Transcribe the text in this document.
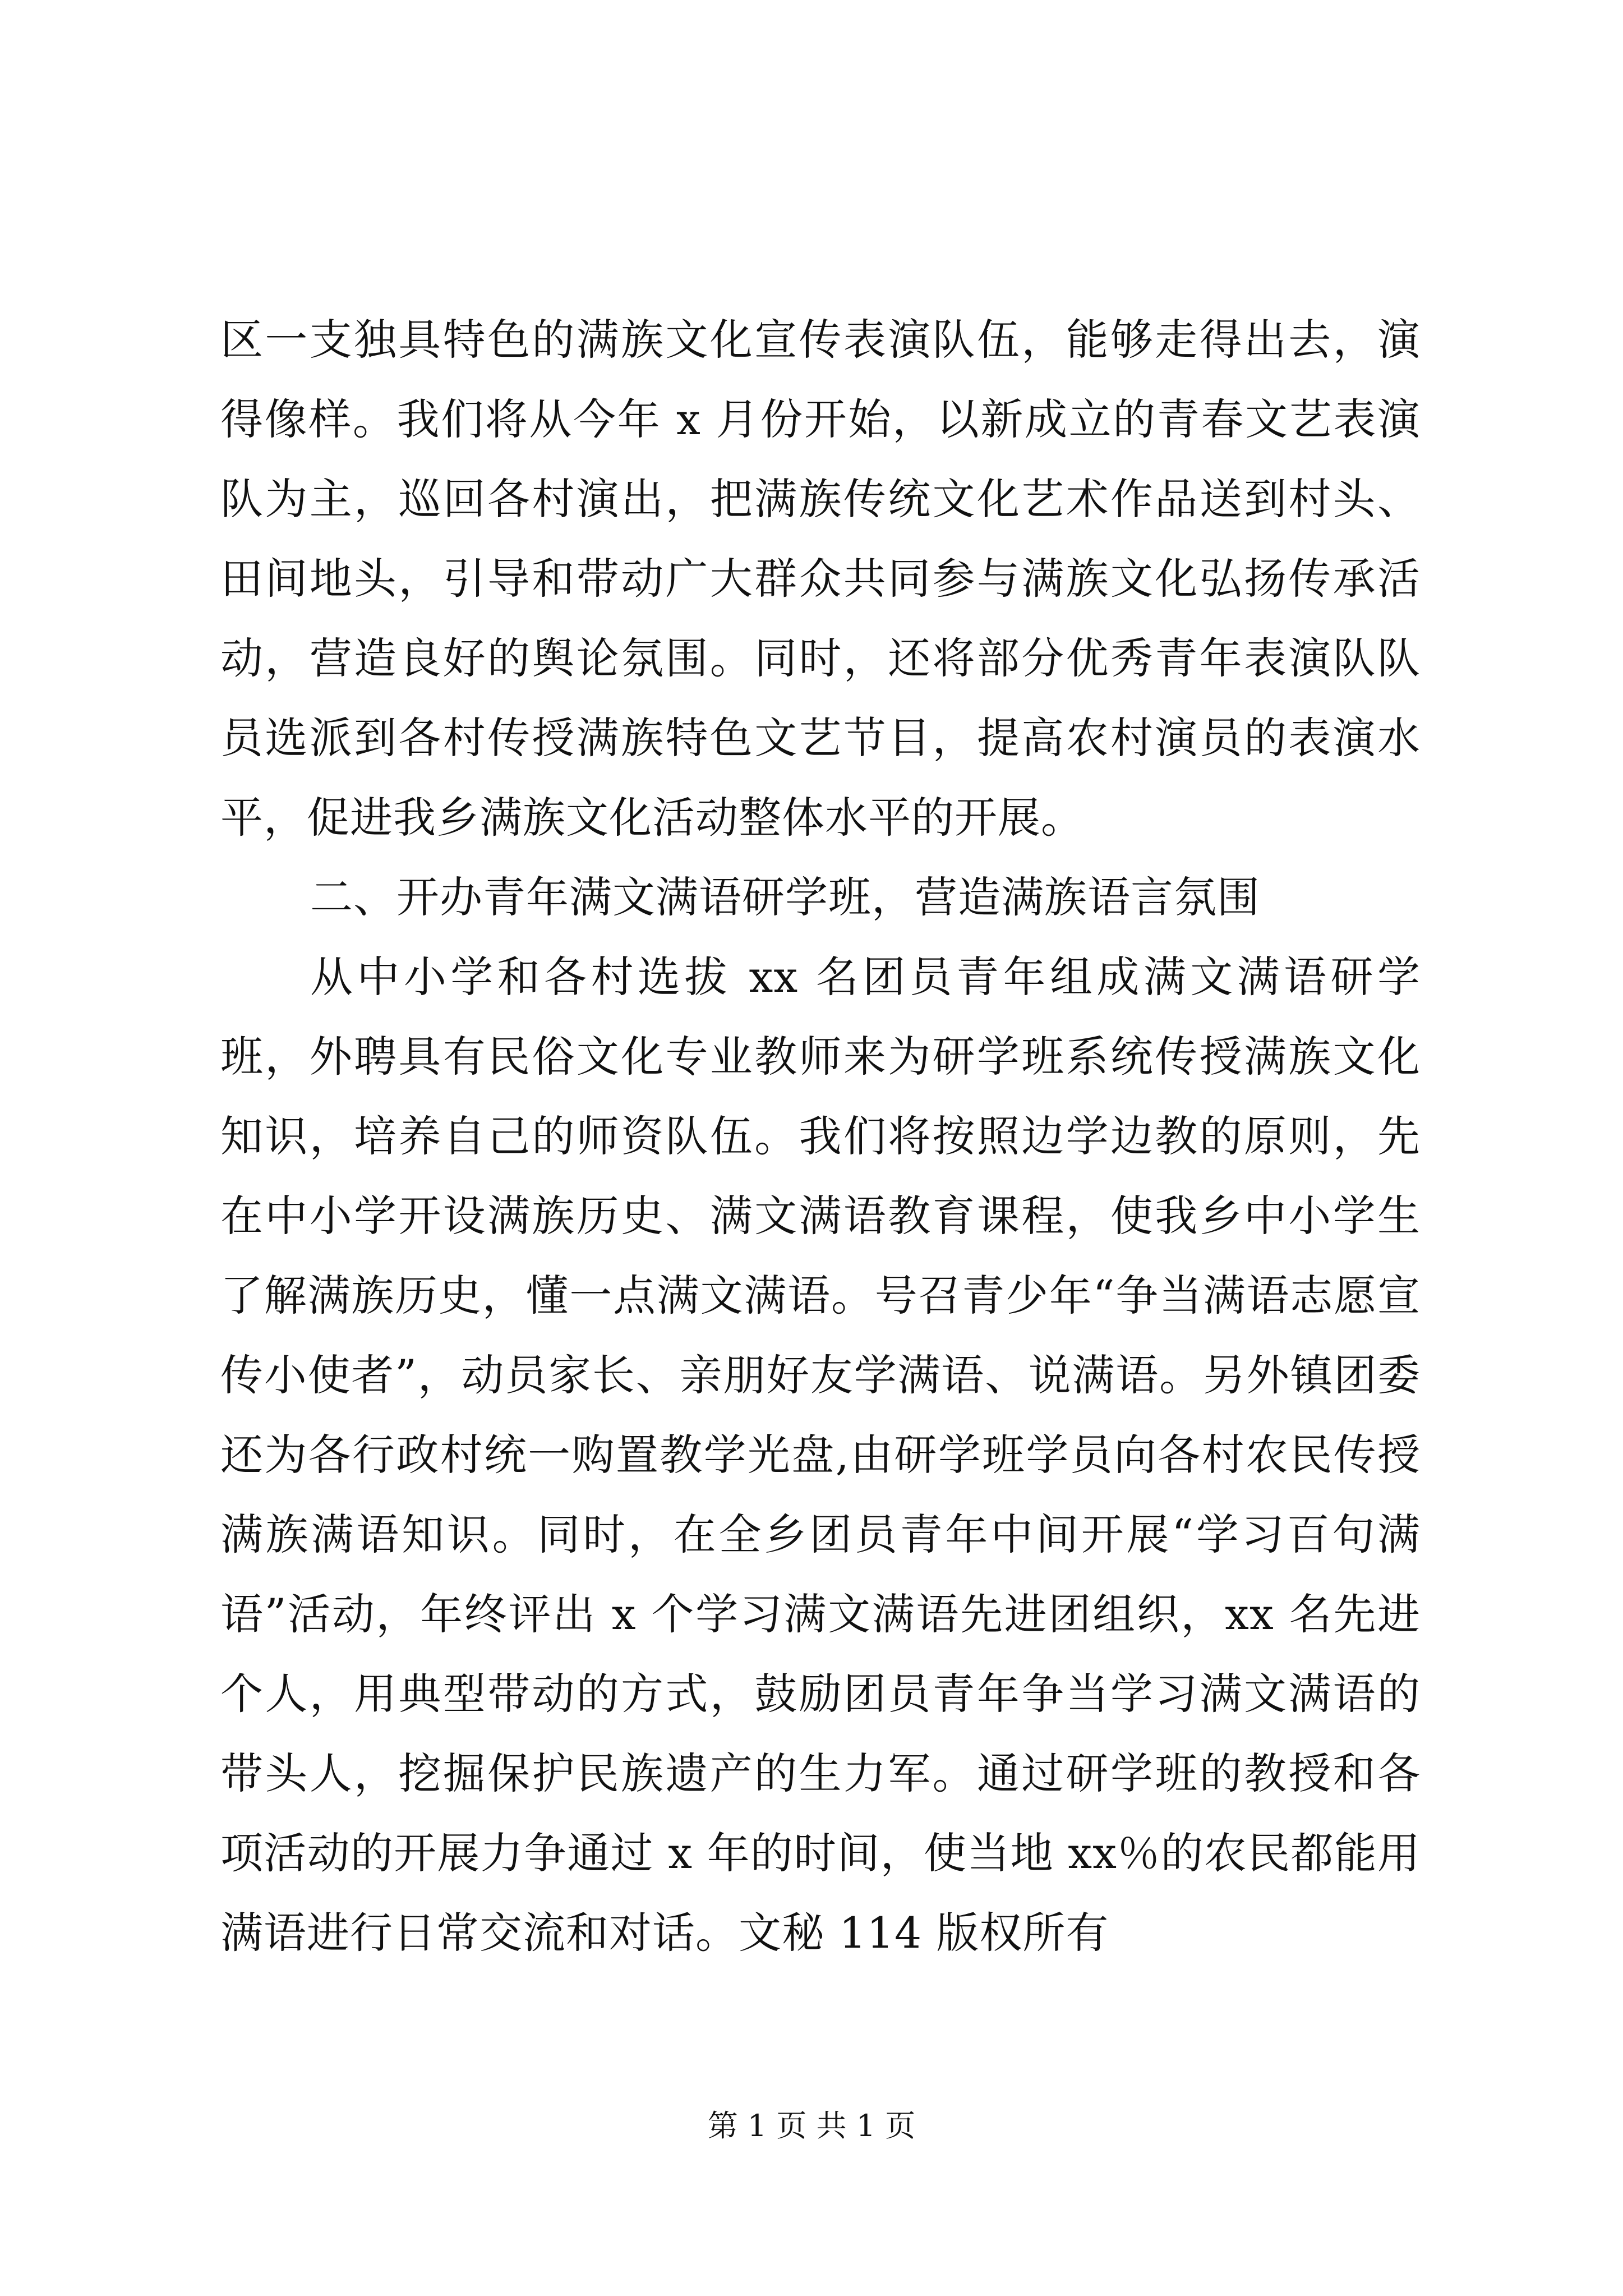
区一支独具特色的满族文化宣传表演队伍，能够走得出去，演得像样。我们将从今年 x 月份开始，以新成立的青春文艺表演队为主，巡回各村演出，把满族传统文化艺术作品送到村头、田间地头，引导和带动广大群众共同参与满族文化弘扬传承活动，营造良好的舆论氛围。同时，还将部分优秀青年表演队队员选派到各村传授满族特色文艺节目，提高农村演员的表演水平，促进我乡满族文化活动整体水平的开展。

二、开办青年满文满语研学班，营造满族语言氛围

从中小学和各村选拔 xx 名团员青年组成满文满语研学班，外聘具有民俗文化专业教师来为研学班系统传授满族文化知识，培养自己的师资队伍。我们将按照边学边教的原则，先在中小学开设满族历史、满文满语教育课程，使我乡中小学生了解满族历史，懂一点满文满语。号召青少年“争当满语志愿宣传小使者”，动员家长、亲朋好友学满语、说满语。另外镇团委还为各行政村统一购置教学光盘,由研学班学员向各村农民传授满族满语知识。同时，在全乡团员青年中间开展“学习百句满语”活动，年终评出 x 个学习满文满语先进团组织，xx 名先进个人，用典型带动的方式，鼓励团员青年争当学习满文满语的带头人，挖掘保护民族遗产的生力军。通过研学班的教授和各项活动的开展力争通过 x 年的时间，使当地 xx％的农民都能用满语进行日常交流和对话。文秘 114 版权所有

第 1 页 共 1 页
